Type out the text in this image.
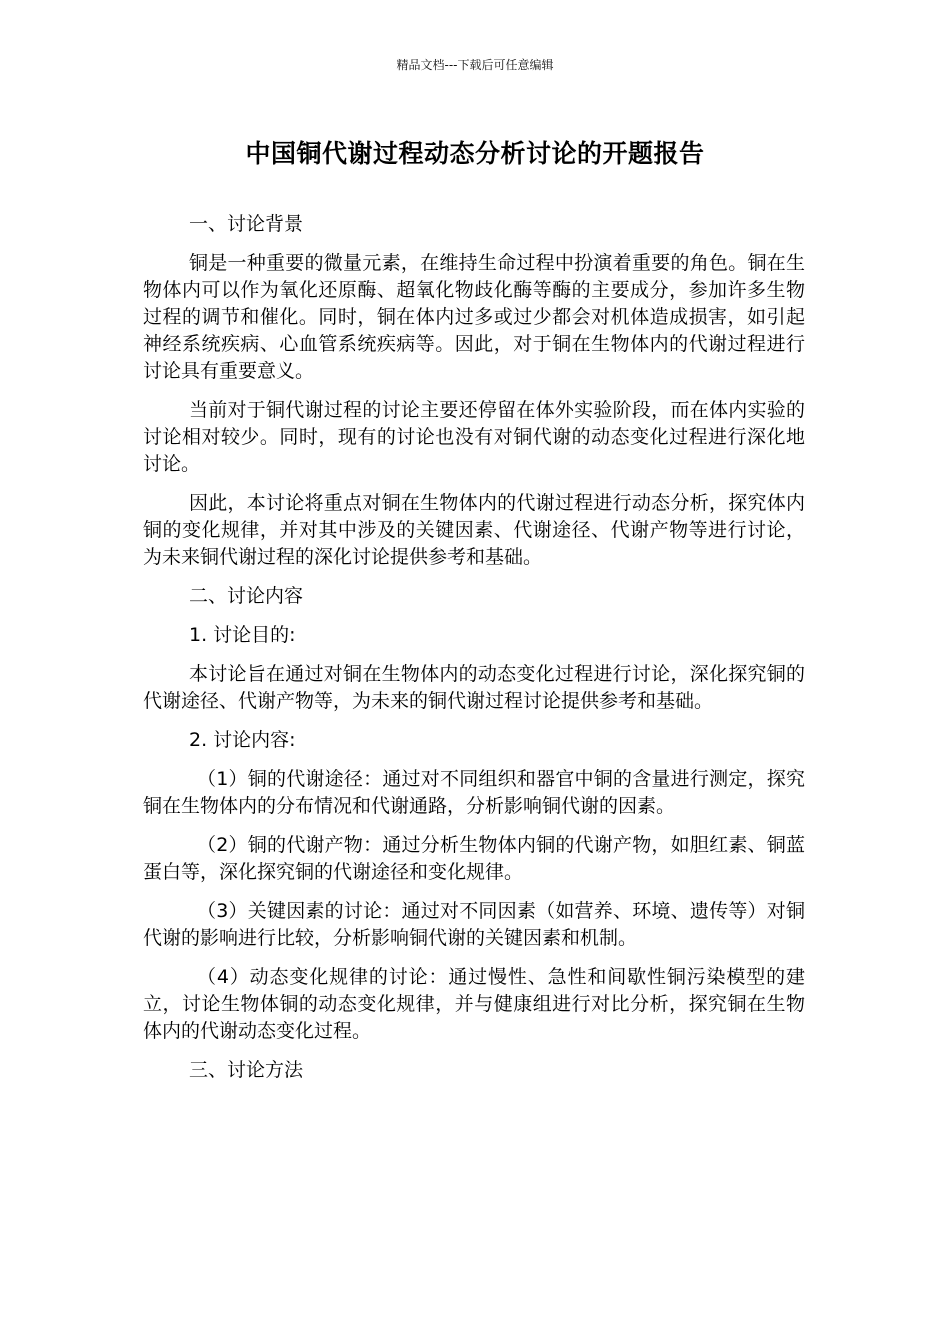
精品文档---下载后可任意编辑
中国铜代谢过程动态分析讨论的开题报告

一、讨论背景

铜是一种重要的微量元素，在维持生命过程中扮演着重要的角色。铜在生物体内可以作为氧化还原酶、超氧化物歧化酶等酶的主要成分，参加许多生物过程的调节和催化。同时，铜在体内过多或过少都会对机体造成损害，如引起神经系统疾病、心血管系统疾病等。因此，对于铜在生物体内的代谢过程进行讨论具有重要意义。

当前对于铜代谢过程的讨论主要还停留在体外实验阶段，而在体内实验的讨论相对较少。同时，现有的讨论也没有对铜代谢的动态变化过程进行深化地讨论。

因此，本讨论将重点对铜在生物体内的代谢过程进行动态分析，探究体内铜的变化规律，并对其中涉及的关键因素、代谢途径、代谢产物等进行讨论，为未来铜代谢过程的深化讨论提供参考和基础。

二、讨论内容

1. 讨论目的:

本讨论旨在通过对铜在生物体内的动态变化过程进行讨论，深化探究铜的代谢途径、代谢产物等，为未来的铜代谢过程讨论提供参考和基础。

2. 讨论内容:

（1）铜的代谢途径：通过对不同组织和器官中铜的含量进行测定，探究铜在生物体内的分布情况和代谢通路，分析影响铜代谢的因素。

（2）铜的代谢产物：通过分析生物体内铜的代谢产物，如胆红素、铜蓝蛋白等，深化探究铜的代谢途径和变化规律。

（3）关键因素的讨论：通过对不同因素（如营养、环境、遗传等）对铜代谢的影响进行比较，分析影响铜代谢的关键因素和机制。

（4）动态变化规律的讨论：通过慢性、急性和间歇性铜污染模型的建立，讨论生物体铜的动态变化规律，并与健康组进行对比分析，探究铜在生物体内的代谢动态变化过程。

三、讨论方法
